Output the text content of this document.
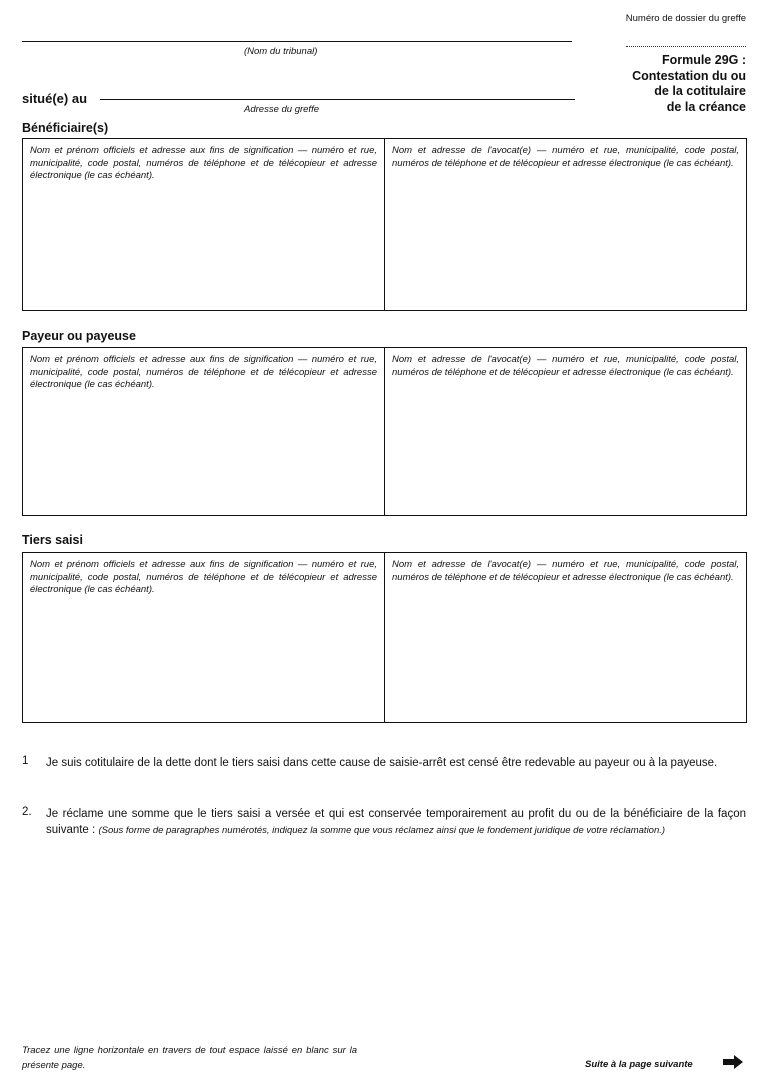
Numéro de dossier du greffe
(Nom du tribunal)
situé(e) au
Adresse du greffe
Formule 29G :
Contestation du ou
de la cotitulaire
de la créance
Bénéficiaire(s)
Nom et prénom officiels et adresse aux fins de signification — numéro et rue, municipalité, code postal, numéros de téléphone et de télécopieur et adresse électronique (le cas échéant).
Nom et adresse de l'avocat(e) — numéro et rue, municipalité, code postal, numéros de téléphone et de télécopieur et adresse électronique (le cas échéant).
Payeur ou payeuse
Nom et prénom officiels et adresse aux fins de signification — numéro et rue, municipalité, code postal, numéros de téléphone et de télécopieur et adresse électronique (le cas échéant).
Nom et adresse de l'avocat(e) — numéro et rue, municipalité, code postal, numéros de téléphone et de télécopieur et adresse électronique (le cas échéant).
Tiers saisi
Nom et prénom officiels et adresse aux fins de signification — numéro et rue, municipalité, code postal, numéros de téléphone et de télécopieur et adresse électronique (le cas échéant).
Nom et adresse de l'avocat(e) — numéro et rue, municipalité, code postal, numéros de téléphone et de télécopieur et adresse électronique (le cas échéant).
1 Je suis cotitulaire de la dette dont le tiers saisi dans cette cause de saisie-arrêt est censé être redevable au payeur ou à la payeuse.
2. Je réclame une somme que le tiers saisi a versée et qui est conservée temporairement au profit du ou de la bénéficiaire de la façon suivante : (Sous forme de paragraphes numérotés, indiquez la somme que vous réclamez ainsi que le fondement juridique de votre réclamation.)
Tracez une ligne horizontale en travers de tout espace laissé en blanc sur la présente page.	Suite à la page suivante
